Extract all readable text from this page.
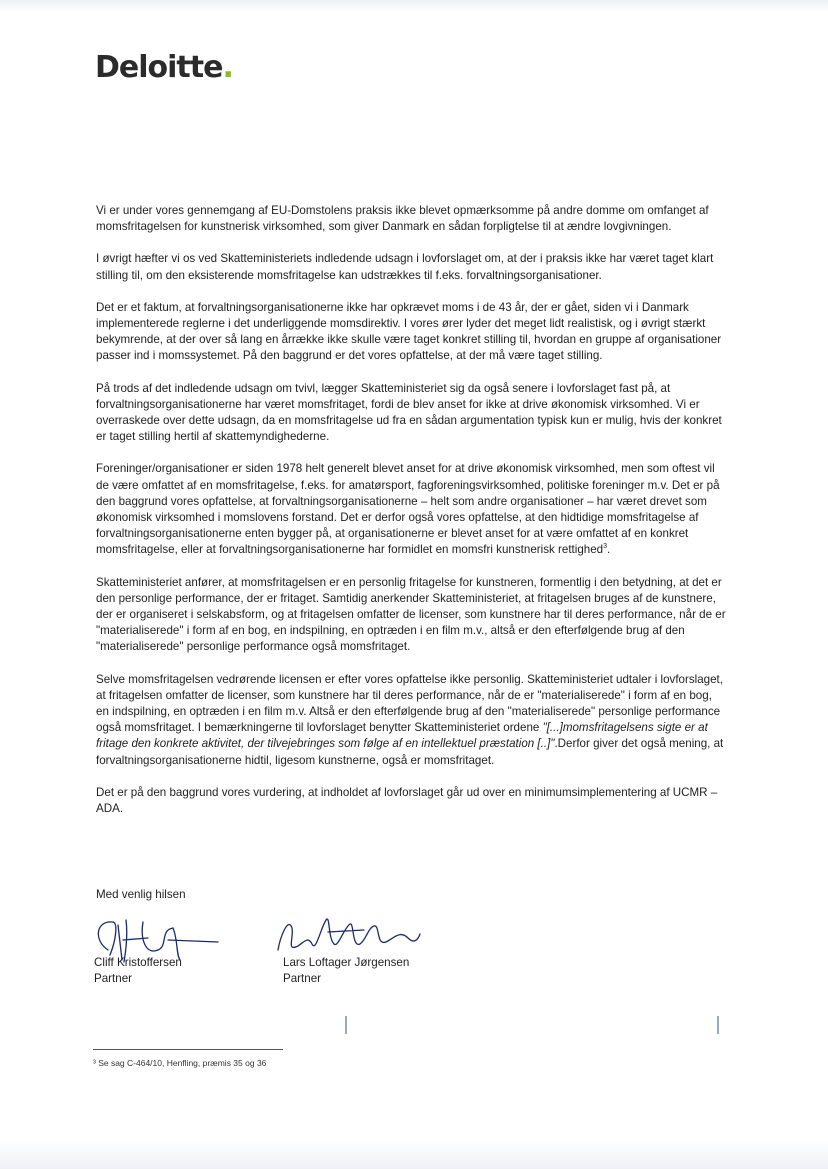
Deloitte.

Vi er under vores gennemgang af EU-Domstolens praksis ikke blevet opmærksomme på andre domme om omfanget af momsfritagelsen for kunstnerisk virksomhed, som giver Danmark en sådan forpligtelse til at ændre lovgivningen.

I øvrigt hæfter vi os ved Skatteministeriets indledende udsagn i lovforslaget om, at der i praksis ikke har været taget klart stilling til, om den eksisterende momsfritagelse kan udstrækkes til f.eks. forvaltningsorganisationer.

Det er et faktum, at forvaltningsorganisationerne ikke har opkrævet moms i de 43 år, der er gået, siden vi i Danmark implementerede reglerne i det underliggende momsdirektiv. I vores ører lyder det meget lidt realistisk, og i øvrigt stærkt bekymrende, at der over så lang en årrække ikke skulle være taget konkret stilling til, hvordan en gruppe af organisationer passer ind i momssystemet. På den baggrund er det vores opfattelse, at der må være taget stilling.

På trods af det indledende udsagn om tvivl, lægger Skatteministeriet sig da også senere i lovforslaget fast på, at forvaltningsorganisationerne har været momsfritaget, fordi de blev anset for ikke at drive økonomisk virksomhed. Vi er overraskede over dette udsagn, da en momsfritagelse ud fra en sådan argumentation typisk kun er mulig, hvis der konkret er taget stilling hertil af skattemyndighederne.

Foreninger/organisationer er siden 1978 helt generelt blevet anset for at drive økonomisk virksomhed, men som oftest vil de være omfattet af en momsfritagelse, f.eks. for amatørsport, fagforeningsvirksomhed, politiske foreninger m.v. Det er på den baggrund vores opfattelse, at forvaltningsorganisationerne – helt som andre organisationer – har været drevet som økonomisk virksomhed i momslovens forstand. Det er derfor også vores opfattelse, at den hidtidige momsfritagelse af forvaltningsorganisationerne enten bygger på, at organisationerne er blevet anset for at være omfattet af en konkret momsfritagelse, eller at forvaltningsorganisationerne har formidlet en momsfri kunstnerisk rettighed$^3$.

Skatteministeriet anfører, at momsfritagelsen er en personlig fritagelse for kunstneren, formentlig i den betydning, at det er den personlige performance, der er fritaget. Samtidig anerkender Skatteministeriet, at fritagelsen bruges af de kunstnere, der er organiseret i selskabsform, og at fritagelsen omfatter de licenser, som kunstnere har til deres performance, når de er "materialiserede" i form af en bog, en indspilning, en optræden i en film m.v., altså er den efterfølgende brug af den "materialiserede" personlige performance også momsfritaget.

Selve momsfritagelsen vedrørende licensen er efter vores opfattelse ikke personlig. Skatteministeriet udtaler i lovforslaget, at fritagelsen omfatter de licenser, som kunstnere har til deres performance, når de er "materialiserede" i form af en bog, en indspilning, en optræden i en film m.v. Altså er den efterfølgende brug af den "materialiserede" personlige performance også momsfritaget. I bemærkningerne til lovforslaget benytter Skatteministeriet ordene "[...]momsfritagelsens sigte er at fritage den konkrete aktivitet, der tilvejebringes som følge af en intellektuel præstation [..]".Derfor giver det også mening, at forvaltningsorganisationerne hidtil, ligesom kunstnerne, også er momsfritaget.

Det er på den baggrund vores vurdering, at indholdet af lovforslaget går ud over en minimumsimplementering af UCMR – ADA.

Med venlig hilsen
Cliff Kristoffersen
Partner
Lars Loftager Jørgensen
Partner
³ Se sag C-464/10, Henfling, præmis 35 og 36
